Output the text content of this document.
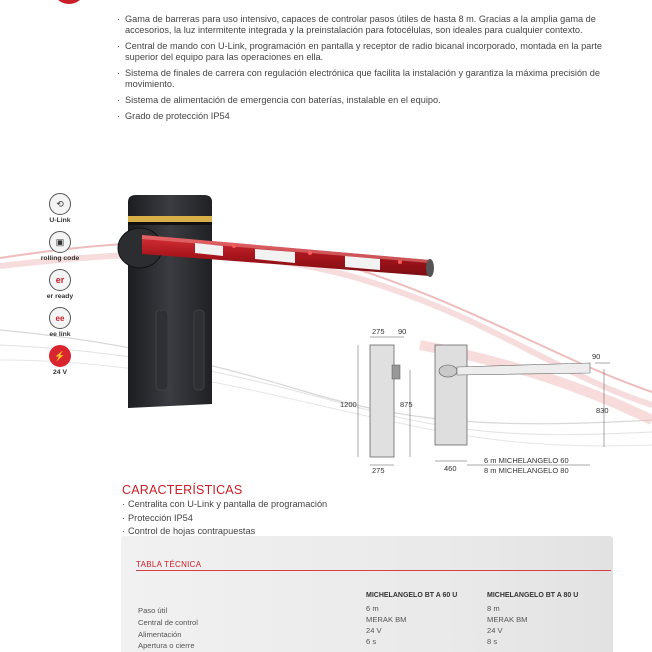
· Gama de barreras para uso intensivo, capaces de controlar pasos útiles de hasta 8 m. Gracias a la amplia gama de accesorios, la luz intermitente integrada y la preinstalación para fotocélulas, son ideales para cualquier contexto.
· Central de mando con U-Link, programación en pantalla y receptor de radio bicanal incorporado, montada en la parte superior del equipo para las operaciones en ella.
· Sistema de finales de carrera con regulación electrónica que facilita la instalación y garantiza la máxima precisión de movimiento.
· Sistema de alimentación de emergencia con baterías, instalable en el equipo.
· Grado de protección IP54
⟲
U-Link
▣
rolling code
er
er ready
ee
ee link
⚡
24 V
275 90
1200	875
275
90
830
460
6 m MICHELANGELO 60
8 m MICHELANGELO 80
CARACTERÍSTICAS
· Centralita con U-Link y pantalla de programación
· Protección IP54
· Control de hojas contrapuestas
TABLA TÉCNICA
MICHELANGELO BT A 60 U	MICHELANGELO BT A 80 U
Paso útil
Central de control
Alimentación
Apertura o cierre
6 m
MERAK BM
24 V
6 s
8 m
MERAK BM
24 V
8 s
